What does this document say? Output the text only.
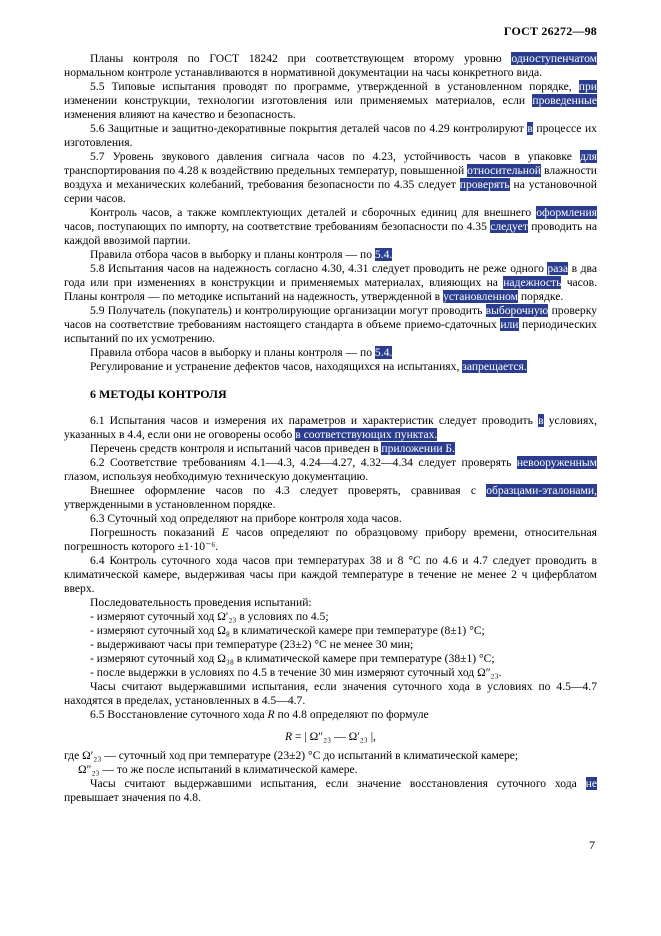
ГОСТ 26272—98
Планы контроля по ГОСТ 18242 при соответствующем второму уровню одноступенчатом нормальном контроле устанавливаются в нормативной документации на часы конкретного вида.
5.5 Типовые испытания проводят по программе, утвержденной в установленном порядке, при изменении конструкции, технологии изготовления или применяемых материалов, если проведенные изменения влияют на качество и безопасность.
5.6 Защитные и защитно-декоративные покрытия деталей часов по 4.29 контролируют в процессе их изготовления.
5.7 Уровень звукового давления сигнала часов по 4.23, устойчивость часов в упаковке для транспортирования по 4.28 к воздействию предельных температур, повышенной относительной влажности воздуха и механических колебаний, требования безопасности по 4.35 следует проверять на установочной серии часов.
Контроль часов, а также комплектующих деталей и сборочных единиц для внешнего оформления часов, поступающих по импорту, на соответствие требованиям безопасности по 4.35 следует проводить на каждой ввозимой партии.
Правила отбора часов в выборку и планы контроля — по 5.4.
5.8 Испытания часов на надежность согласно 4.30, 4.31 следует проводить не реже одного раза в два года или при изменениях в конструкции и применяемых материалах, влияющих на надежность часов. Планы контроля — по методике испытаний на надежность, утвержденной в установленном порядке.
5.9 Получатель (покупатель) и контролирующие организации могут проводить выборочную проверку часов на соответствие требованиям настоящего стандарта в объеме приемо-сдаточных или периодических испытаний по их усмотрению.
Правила отбора часов в выборку и планы контроля — по 5.4.
Регулирование и устранение дефектов часов, находящихся на испытаниях, запрещается.
6 МЕТОДЫ КОНТРОЛЯ
6.1 Испытания часов и измерения их параметров и характеристик следует проводить в условиях, указанных в 4.4, если они не оговорены особо в соответствующих пунктах.
Перечень средств контроля и испытаний часов приведен в приложении Б.
6.2 Соответствие требованиям 4.1—4.3, 4.24—4.27, 4.32—4.34 следует проверять невооруженным глазом, используя необходимую техническую документацию.
Внешнее оформление часов по 4.3 следует проверять, сравнивая с образцами-эталонами, утвержденными в установленном порядке.
6.3 Суточный ход определяют на приборе контроля хода часов.
Погрешность показаний Е часов определяют по образцовому прибору времени, относительная погрешность которого ±1·10⁻⁶.
6.4 Контроль суточного хода часов при температурах 38 и 8 °С по 4.6 и 4.7 следует проводить в климатической камере, выдерживая часы при каждой температуре в течение не менее 2 ч циферблатом вверх.
Последовательность проведения испытаний:
- измеряют суточный ход Ω′₂₃ в условиях по 4.5;
- измеряют суточный ход Ω₈ в климатической камере при температуре (8±1) °С;
- выдерживают часы при температуре (23±2) °С не менее 30 мин;
- измеряют суточный ход Ω₃₈ в климатической камере при температуре (38±1) °С;
- после выдержки в условиях по 4.5 в течение 30 мин измеряют суточный ход Ω″₂₃.
Часы считают выдержавшими испытания, если значения суточного хода в условиях по 4.5—4.7 находятся в пределах, установленных в 4.5—4.7.
6.5 Восстановление суточного хода R по 4.8 определяют по формуле
R = | Ω″₂₃ — Ω′₂₃ |,
где Ω′₂₃ — суточный ход при температуре (23±2) °С до испытаний в климатической камере;
Ω″₂₃ — то же после испытаний в климатической камере.
Часы считают выдержавшими испытания, если значение восстановления суточного хода не превышает значения по 4.8.
7
